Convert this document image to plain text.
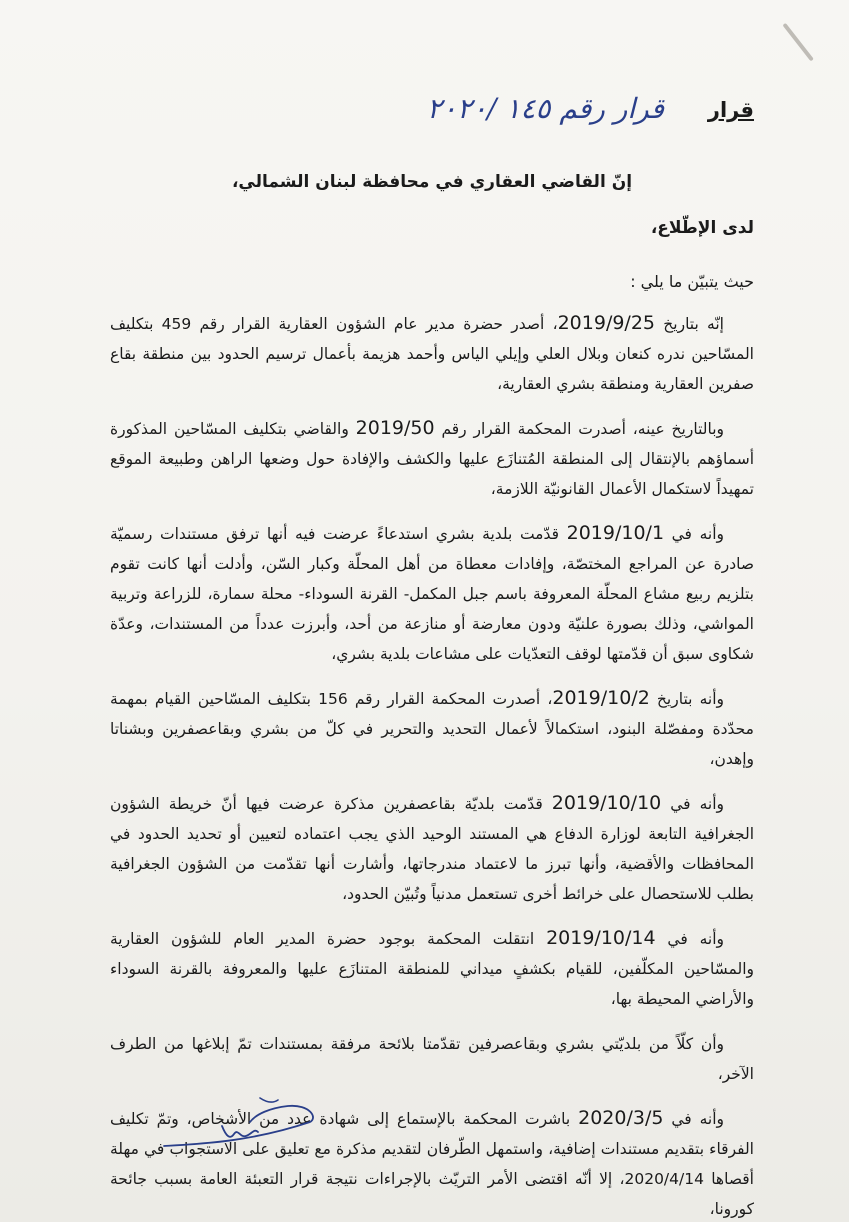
قرار
قرار رقم ١٤٥ /٢٠٢٠
إنّ القاضي العقاري في محافظة لبنان الشمالي،
لدى الإطّلاع،
حيث يتبيّن ما يلي :

إنّه بتاريخ 2019/9/25، أصدر حضرة مدير عام الشؤون العقارية القرار رقم 459 بتكليف المسّاحين ندره كنعان وبلال العلي وإيلي الياس وأحمد هزيمة بأعمال ترسيم الحدود بين منطقة بقاع صفرين العقارية ومنطقة بشري العقارية،

وبالتاريخ عينه، أصدرت المحكمة القرار رقم 2019/50 والقاضي بتكليف المسّاحين المذكورة أسماؤهم بالإنتقال إلى المنطقة المُتنازَع عليها والكشف والإفادة حول وضعها الراهن وطبيعة الموقع تمهيداً لاستكمال الأعمال القانونيّة اللازمة،

وأنه في 2019/10/1 قدّمت بلدية بشري استدعاءً عرضت فيه أنها ترفق مستندات رسميّة صادرة عن المراجع المختصّة، وإفادات معطاة من أهل المحلّة وكبار السّن، وأدلت أنها كانت تقوم بتلزيم ربيع مشاع المحلّة المعروفة باسم جبل المكمل- القرنة السوداء- محلة سمارة، للزراعة وتربية المواشي، وذلك بصورة علنيّة ودون معارضة أو منازعة من أحد، وأبرزت عدداً من المستندات، وعدّة شكاوى سبق أن قدّمتها لوقف التعدّيات على مشاعات بلدية بشري،

وأنه بتاريخ 2019/10/2، أصدرت المحكمة القرار رقم 156 بتكليف المسّاحين القيام بمهمة محدّدة ومفصّلة البنود، استكمالاً لأعمال التحديد والتحرير في كلّ من بشري وبقاعصفرين وبشناتا وإهدن،

وأنه في 2019/10/10 قدّمت بلديّة بقاعصفرين مذكرة عرضت فيها أنّ خريطة الشؤون الجغرافية التابعة لوزارة الدفاع هي المستند الوحيد الذي يجب اعتماده لتعيين أو تحديد الحدود في المحافظات والأقضية، وأنها تبرز ما لاعتماد مندرجاتها، وأشارت أنها تقدّمت من الشؤون الجغرافية بطلب للاستحصال على خرائط أخرى تستعمل مدنياً وتُبيّن الحدود،

وأنه في 2019/10/14 انتقلت المحكمة بوجود حضرة المدير العام للشؤون العقارية والمسّاحين المكلّفين، للقيام بكشفٍ ميداني للمنطقة المتنازَع عليها والمعروفة بالقرنة السوداء والأراضي المحيطة بها،

وأن كلّاً من بلديّتي بشري وبقاعصرفين تقدّمتا بلائحة مرفقة بمستندات تمّ إبلاغها من الطرف الآخر،

وأنه في 2020/3/5 باشرت المحكمة بالإستماع إلى شهادة عدد من الأشخاص، وتمّ تكليف الفرقاء بتقديم مستندات إضافية، واستمهل الطّرفان لتقديم مذكرة مع تعليق على الاستجواب في مهلة أقصاها 2020/4/14، إلا أنّه اقتضى الأمر التريّث بالإجراءات نتيجة قرار التعبئة العامة بسبب جائحة كورونا،
